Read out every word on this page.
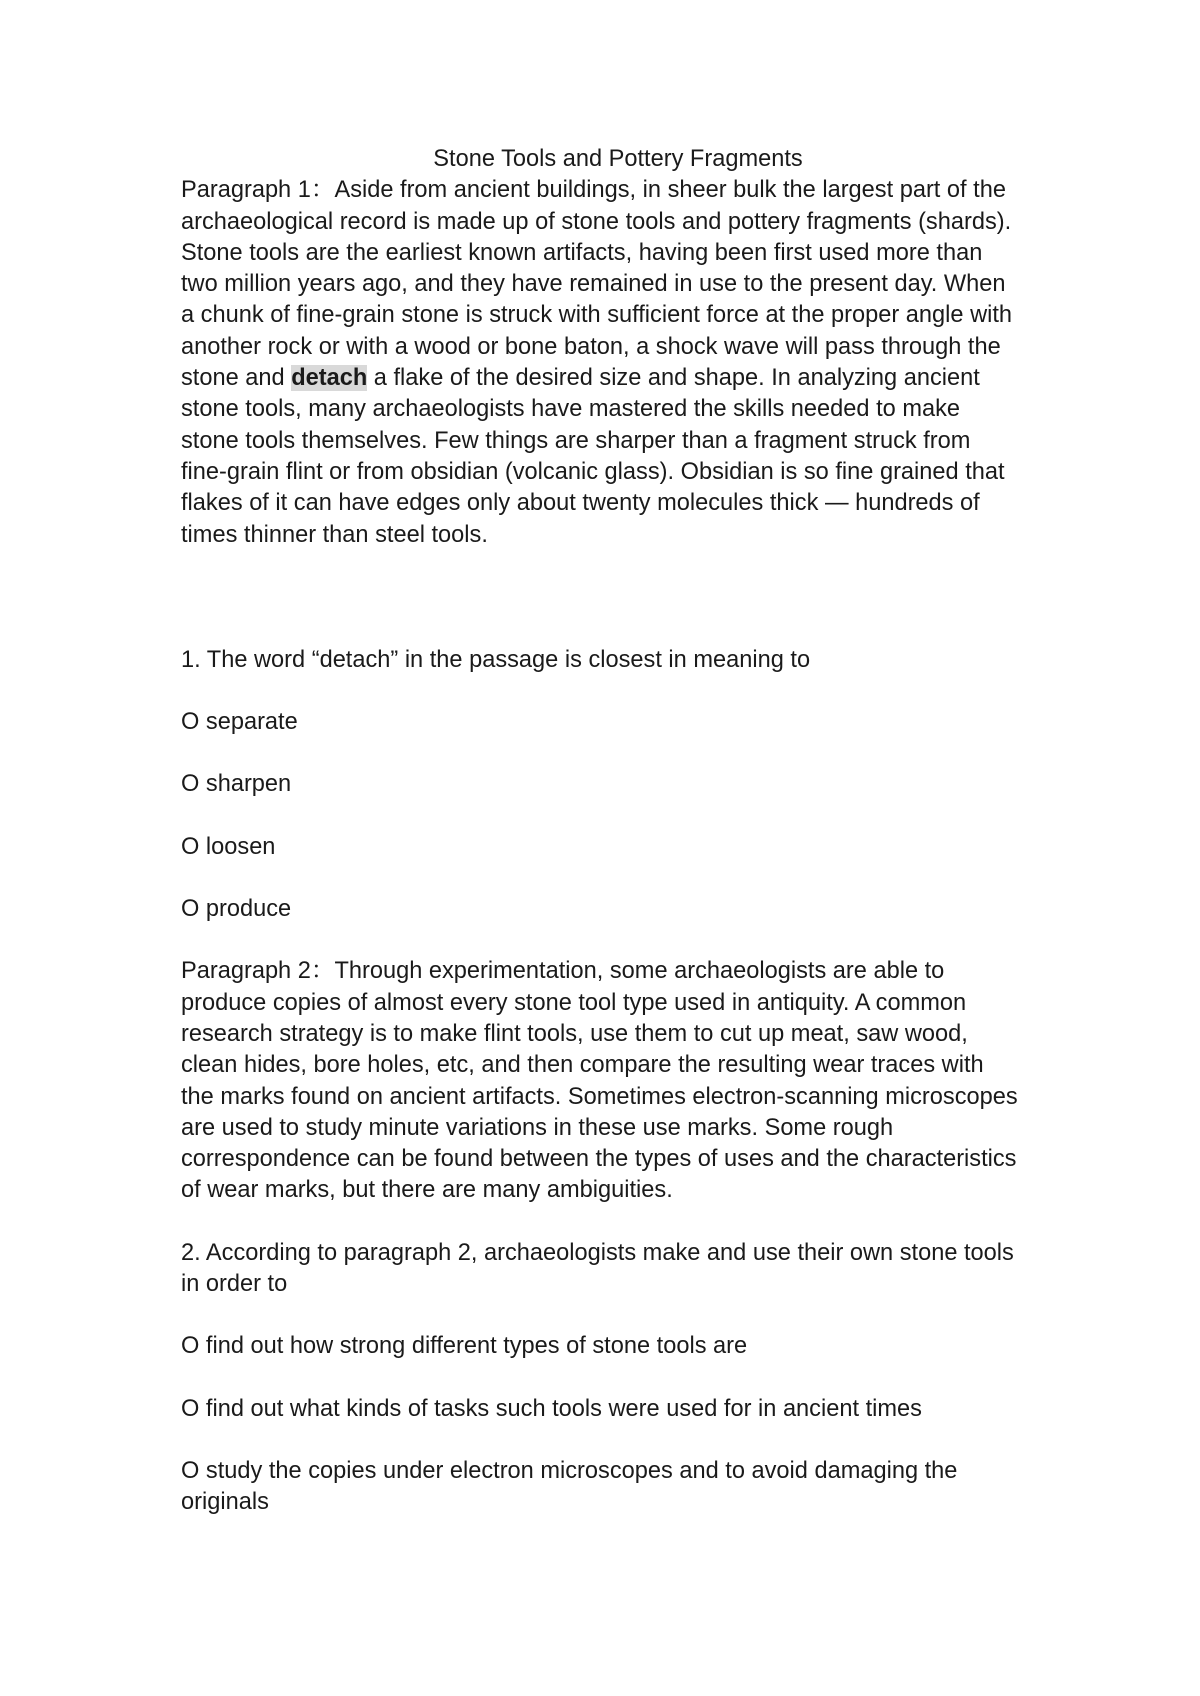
Stone Tools and Pottery Fragments

Paragraph 1：Aside from ancient buildings, in sheer bulk the largest part of the archaeological record is made up of stone tools and pottery fragments (shards). Stone tools are the earliest known artifacts, having been first used more than two million years ago, and they have remained in use to the present day. When a chunk of fine-grain stone is struck with sufficient force at the proper angle with another rock or with a wood or bone baton, a shock wave will pass through the stone and detach a flake of the desired size and shape. In analyzing ancient stone tools, many archaeologists have mastered the skills needed to make stone tools themselves. Few things are sharper than a fragment struck from fine-grain flint or from obsidian (volcanic glass). Obsidian is so fine grained that flakes of it can have edges only about twenty molecules thick — hundreds of times thinner than steel tools.

1. The word “detach” in the passage is closest in meaning to

O separate

O sharpen

O loosen

O produce

Paragraph 2：Through experimentation, some archaeologists are able to produce copies of almost every stone tool type used in antiquity. A common research strategy is to make flint tools, use them to cut up meat, saw wood, clean hides, bore holes, etc, and then compare the resulting wear traces with the marks found on ancient artifacts. Sometimes electron-scanning microscopes are used to study minute variations in these use marks. Some rough correspondence can be found between the types of uses and the characteristics of wear marks, but there are many ambiguities.

2. According to paragraph 2, archaeologists make and use their own stone tools in order to

O find out how strong different types of stone tools are

O find out what kinds of tasks such tools were used for in ancient times

O study the copies under electron microscopes and to avoid damaging the originals
